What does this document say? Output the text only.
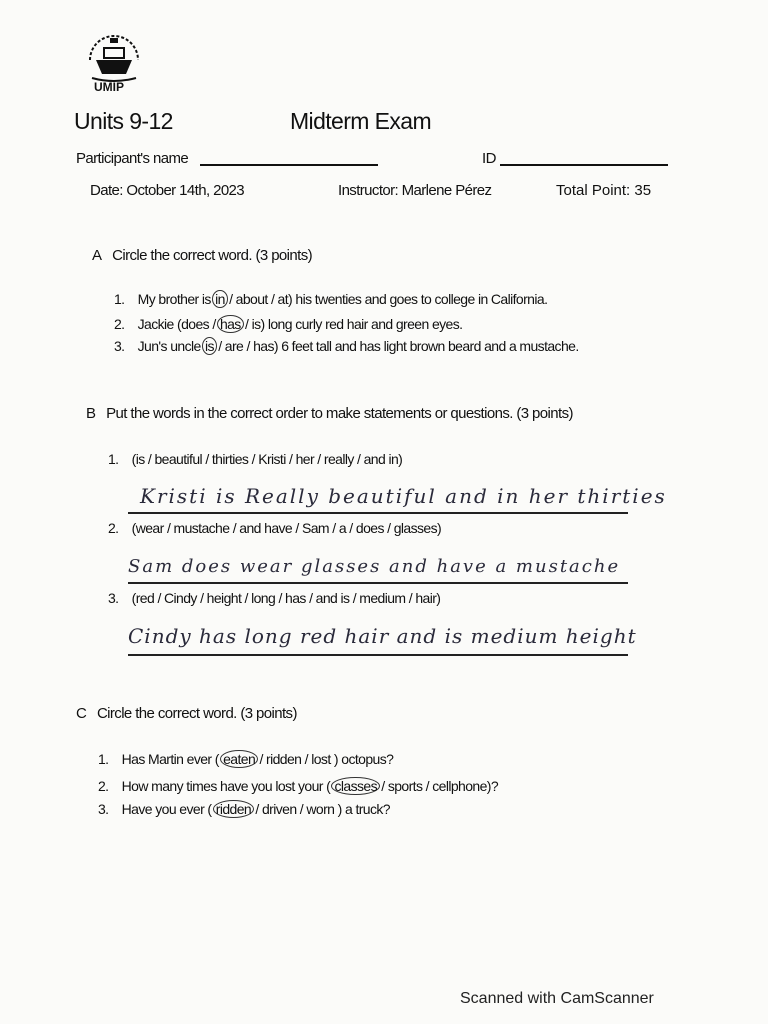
UMIP
Units 9-12	Midterm Exam
Participant's name	ID
Date: October 14th, 2023	Instructor: Marlene Pérez	Total Point: 35
A Circle the correct word. (3 points)
1. My brother is in / about / at) his twenties and goes to college in California.
2. Jackie (does / has / is) long curly red hair and green eyes.
3. Jun's uncle is / are / has) 6 feet tall and has light brown beard and a mustache.
B Put the words in the correct order to make statements or questions. (3 points)
1. (is / beautiful / thirties / Kristi / her / really / and in)
Kristi is Really beautiful and in her thirties
2. (wear / mustache / and have / Sam / a / does / glasses)
Sam does wear glasses and have a mustache
3. (red / Cindy / height / long / has / and is / medium / hair)
Cindy has long red hair and is medium height
C Circle the correct word. (3 points)
1. Has Martin ever ( eaten / ridden / lost ) octopus?
2. How many times have you lost your ( classes / sports / cellphone)?
3. Have you ever ( ridden / driven / worn ) a truck?
Scanned with CamScanner
